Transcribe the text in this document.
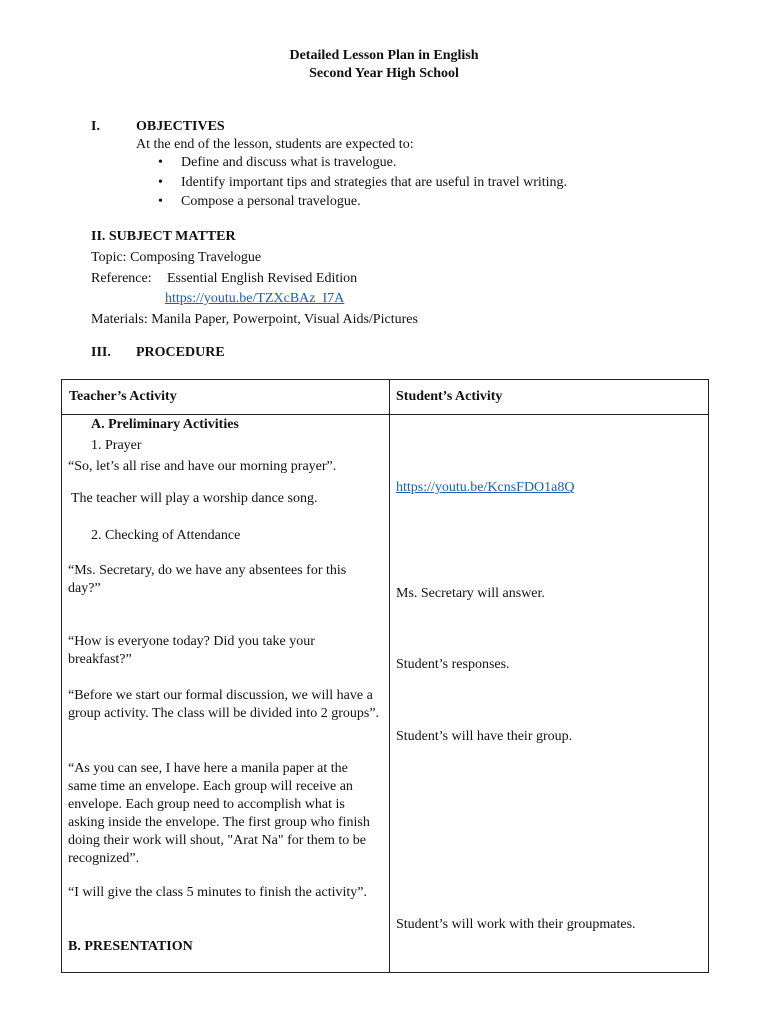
Detailed Lesson Plan in English
Second Year High School
I.	OBJECTIVES
At the end of the lesson, students are expected to:
• Define and discuss what is travelogue.
• Identify important tips and strategies that are useful in travel writing.
• Compose a personal travelogue.
II. SUBJECT MATTER
Topic: Composing Travelogue
Reference: Essential English Revised Edition
https://youtu.be/TZXcBAz_I7A
Materials: Manila Paper, Powerpoint, Visual Aids/Pictures
III. PROCEDURE
Teacher’s Activity	Student’s Activity
A. Preliminary Activities
1. Prayer
“So, let’s all rise and have our morning prayer”.
The teacher will play a worship dance song.
2. Checking of Attendance
“Ms. Secretary, do we have any absentees for this day?”
“How is everyone today? Did you take your breakfast?”
“Before we start our formal discussion, we will have a group activity. The class will be divided into 2 groups”.
“As you can see, I have here a manila paper at the same time an envelope. Each group will receive an envelope. Each group need to accomplish what is asking inside the envelope. The first group who finish doing their work will shout, "Arat Na" for them to be recognized”.
“I will give the class 5 minutes to finish the activity”.
B. PRESENTATION
https://youtu.be/KcnsFDO1a8Q
Ms. Secretary will answer.
Student’s responses.
Student’s will have their group.
Student’s will work with their groupmates.
